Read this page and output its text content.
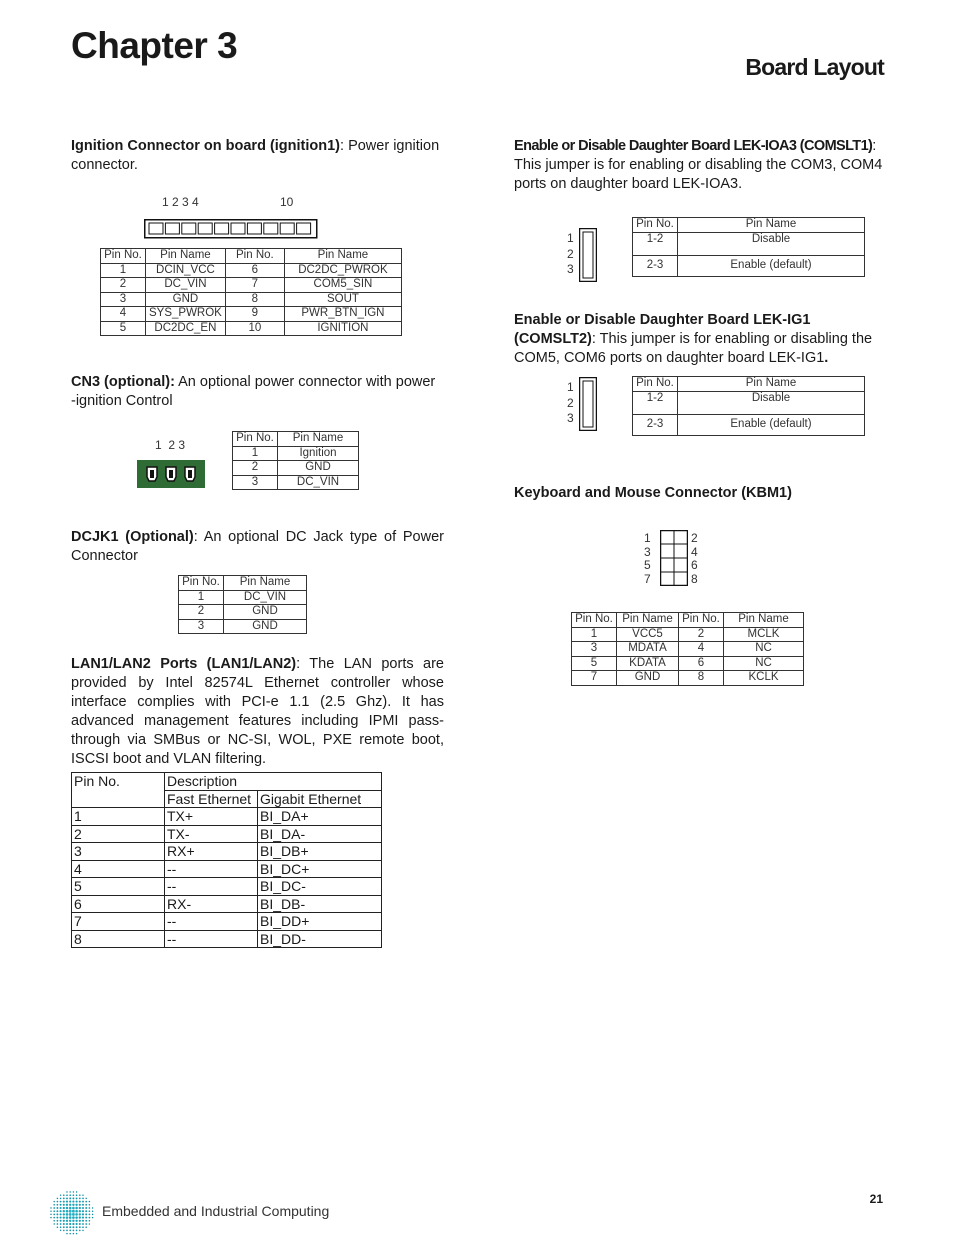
Chapter 3
Board Layout
Ignition Connector on board (ignition1): Power ignition connector.
1 2 3 4	10
Pin No.	Pin Name	Pin No.	Pin Name
1	DCIN_VCC	6	DC2DC_PWROK
2	DC_VIN	7	COM5_SIN
3	GND	8	SOUT
4	SYS_PWROK	9	PWR_BTN_IGN
5	DC2DC_EN	10	IGNITION
CN3 (optional): An optional power connector with power -ignition Control
1  2 3	Pin No.	Pin Name
1	Ignition
2	GND
3	DC_VIN
DCJK1 (Optional): An optional DC Jack type of Power Connector
Pin No.	Pin Name
1	DC_VIN
2	GND
3	GND
LAN1/LAN2 Ports (LAN1/LAN2): The LAN ports are provided by Intel 82574L Ethernet controller whose interface complies with PCI-e 1.1 (2.5 Ghz). It has advanced management features including IPMI pass-through via SMBus or NC-SI, WOL, PXE remote boot, ISCSI boot and VLAN filtering.
Pin No.	Description	
	Fast Ethernet	Gigabit Ethernet
1	TX+	BI_DA+
2	TX-	BI_DA-
3	RX+	BI_DB+
4	--	BI_DC+
5	--	BI_DC-
6	RX-	BI_DB-
7	--	BI_DD+
8	--	BI_DD-
Enable or Disable Daughter Board LEK-IOA3 (COMSLT1): This jumper is for enabling or disabling the COM3, COM4 ports on daughter board LEK-IOA3.
1
2
3
Pin No.	Pin Name
1-2	Disable
2-3	Enable (default)
Enable or Disable Daughter Board LEK-IG1 (COMSLT2): This jumper is for enabling or disabling the COM5, COM6 ports on daughter board LEK-IG1.
1
2
3
Pin No.	Pin Name
1-2	Disable
2-3	Enable (default)
Keyboard and Mouse Connector (KBM1)
1
3
5
7
2
4
6
8
Pin No.	Pin Name	Pin No.	Pin Name
1	VCC5	2	MCLK
3	MDATA	4	NC
5	KDATA	6	NC
7	GND	8	KCLK
Embedded and Industrial Computing
21
